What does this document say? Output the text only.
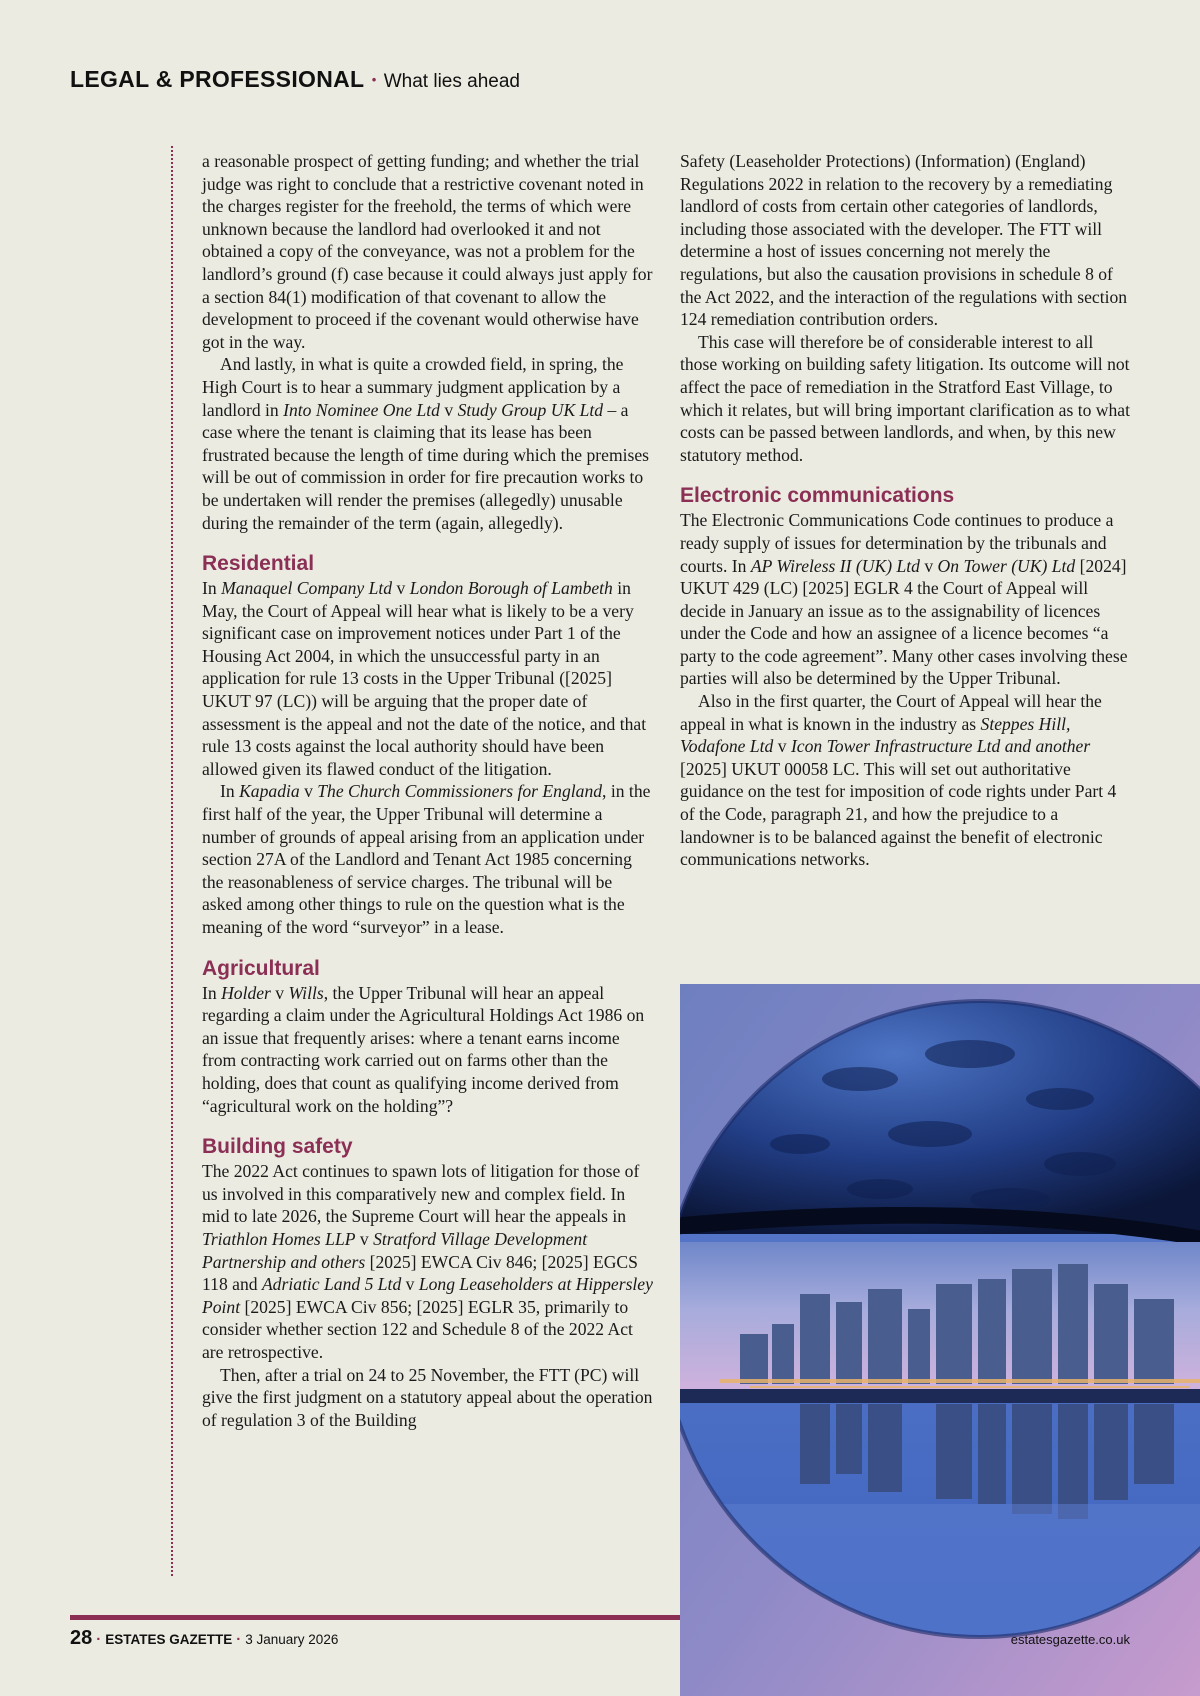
LEGAL & PROFESSIONAL · What lies ahead

a reasonable prospect of getting funding; and whether the trial judge was right to conclude that a restrictive covenant noted in the charges register for the freehold, the terms of which were unknown because the landlord had overlooked it and not obtained a copy of the conveyance, was not a problem for the landlord’s ground (f) case because it could always just apply for a section 84(1) modification of that covenant to allow the development to proceed if the covenant would otherwise have got in the way.

And lastly, in what is quite a crowded field, in spring, the High Court is to hear a summary judgment application by a landlord in Into Nominee One Ltd v Study Group UK Ltd – a case where the tenant is claiming that its lease has been frustrated because the length of time during which the premises will be out of commission in order for fire precaution works to be undertaken will render the premises (allegedly) unusable during the remainder of the term (again, allegedly).

Residential

In Manaquel Company Ltd v London Borough of Lambeth in May, the Court of Appeal will hear what is likely to be a very significant case on improvement notices under Part 1 of the Housing Act 2004, in which the unsuccessful party in an application for rule 13 costs in the Upper Tribunal ([2025] UKUT 97 (LC)) will be arguing that the proper date of assessment is the appeal and not the date of the notice, and that rule 13 costs against the local authority should have been allowed given its flawed conduct of the litigation.

In Kapadia v The Church Commissioners for England, in the first half of the year, the Upper Tribunal will determine a number of grounds of appeal arising from an application under section 27A of the Landlord and Tenant Act 1985 concerning the reasonableness of service charges. The tribunal will be asked among other things to rule on the question what is the meaning of the word “surveyor” in a lease.

Agricultural

In Holder v Wills, the Upper Tribunal will hear an appeal regarding a claim under the Agricultural Holdings Act 1986 on an issue that frequently arises: where a tenant earns income from contracting work carried out on farms other than the holding, does that count as qualifying income derived from “agricultural work on the holding”?

Building safety

The 2022 Act continues to spawn lots of litigation for those of us involved in this comparatively new and complex field. In mid to late 2026, the Supreme Court will hear the appeals in Triathlon Homes LLP v Stratford Village Development Partnership and others [2025] EWCA Civ 846; [2025] EGCS 118 and Adriatic Land 5 Ltd v Long Leaseholders at Hippersley Point [2025] EWCA Civ 856; [2025] EGLR 35, primarily to consider whether section 122 and Schedule 8 of the 2022 Act are retrospective.

Then, after a trial on 24 to 25 November, the FTT (PC) will give the first judgment on a statutory appeal about the operation of regulation 3 of the Building

Safety (Leaseholder Protections) (Information) (England) Regulations 2022 in relation to the recovery by a remediating landlord of costs from certain other categories of landlords, including those associated with the developer. The FTT will determine a host of issues concerning not merely the regulations, but also the causation provisions in schedule 8 of the Act 2022, and the interaction of the regulations with section 124 remediation contribution orders.

This case will therefore be of considerable interest to all those working on building safety litigation. Its outcome will not affect the pace of remediation in the Stratford East Village, to which it relates, but will bring important clarification as to what costs can be passed between landlords, and when, by this new statutory method.

Electronic communications

The Electronic Communications Code continues to produce a ready supply of issues for determination by the tribunals and courts. In AP Wireless II (UK) Ltd v On Tower (UK) Ltd [2024] UKUT 429 (LC) [2025] EGLR 4 the Court of Appeal will decide in January an issue as to the assignability of licences under the Code and how an assignee of a licence becomes “a party to the code agreement”. Many other cases involving these parties will also be determined by the Upper Tribunal.

Also in the first quarter, the Court of Appeal will hear the appeal in what is known in the industry as Steppes Hill, Vodafone Ltd v Icon Tower Infrastructure Ltd and another [2025] UKUT 00058 LC. This will set out authoritative guidance on the test for imposition of code rights under Part 4 of the Code, paragraph 21, and how the prejudice to a landowner is to be balanced against the benefit of electronic communications networks.

28 · ESTATES GAZETTE · 3 January 2026	estatesgazette.co.uk
